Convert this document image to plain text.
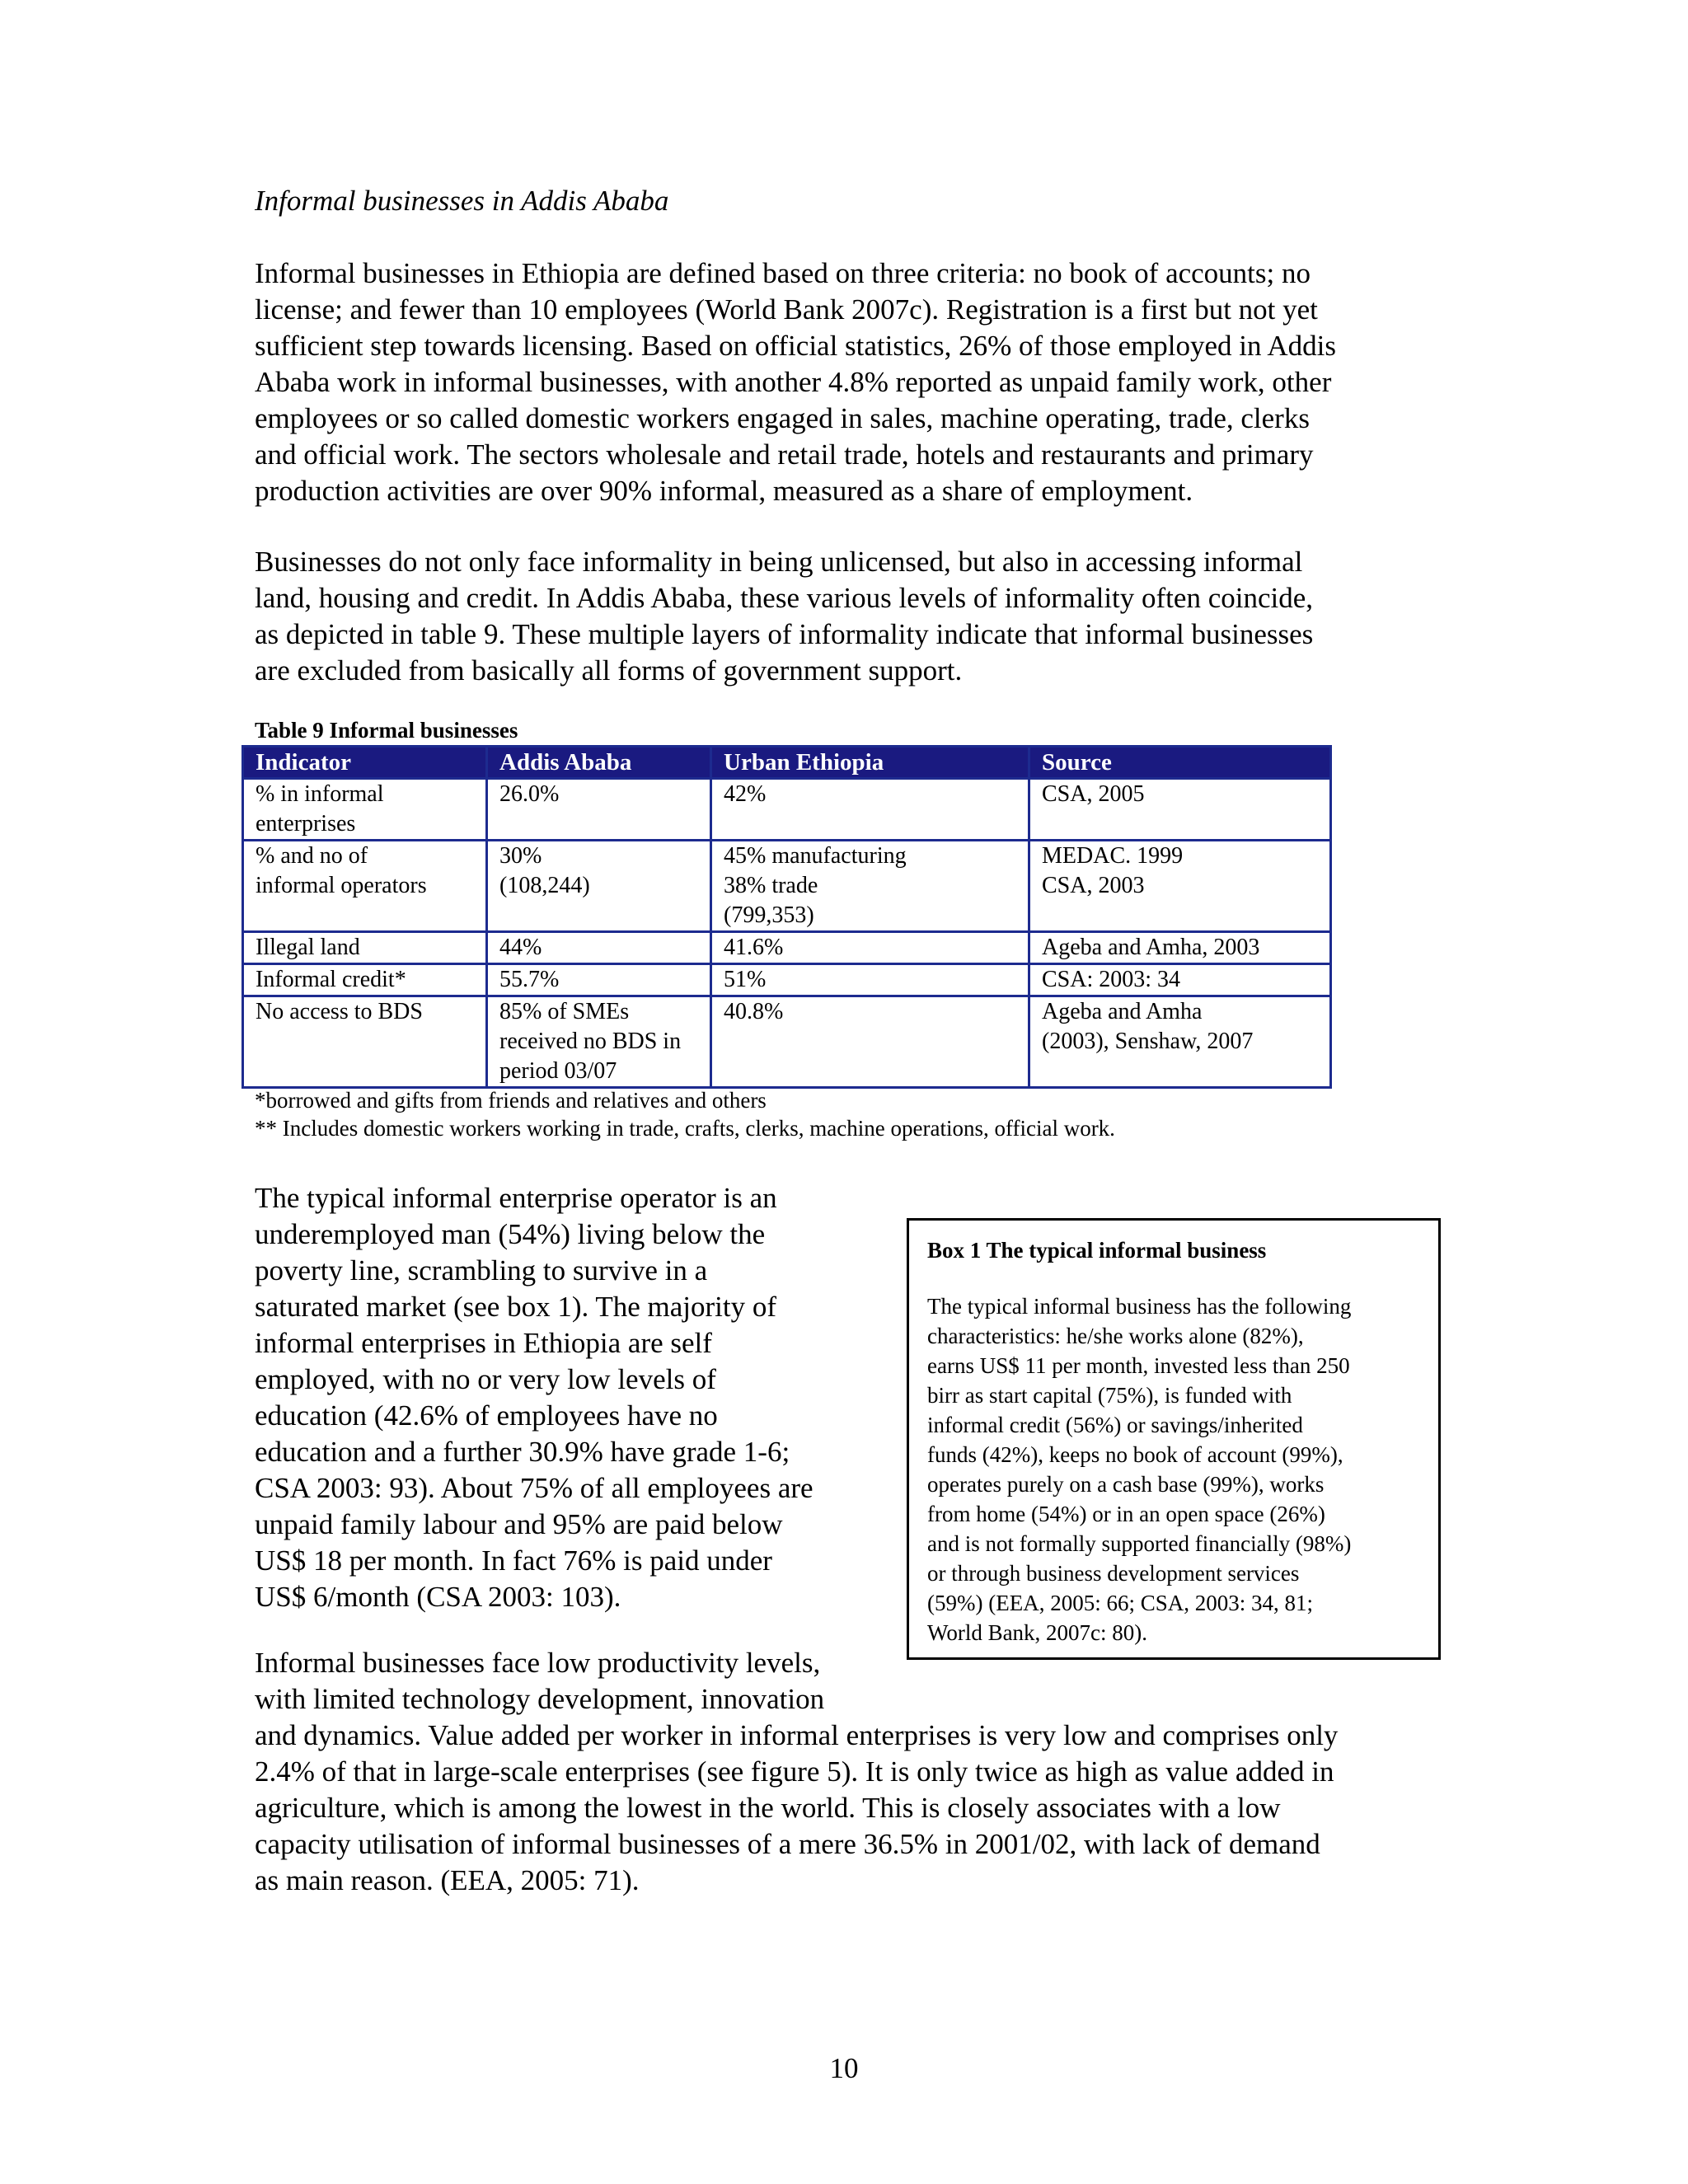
Informal businesses in Addis Ababa

Informal businesses in Ethiopia are defined based on three criteria: no book of accounts; no
license; and fewer than 10 employees (World Bank 2007c). Registration is a first but not yet
sufficient step towards licensing. Based on official statistics, 26% of those employed in Addis
Ababa work in informal businesses, with another 4.8% reported as unpaid family work, other
employees or so called domestic workers engaged in sales, machine operating, trade, clerks
and official work. The sectors wholesale and retail trade, hotels and restaurants and primary
production activities are over 90% informal, measured as a share of employment.

Businesses do not only face informality in being unlicensed, but also in accessing informal
land, housing and credit. In Addis Ababa, these various levels of informality often coincide,
as depicted in table 9. These multiple layers of informality indicate that informal businesses
are excluded from basically all forms of government support.

Table 9 Informal businesses

Indicator	Addis Ababa	Urban Ethiopia	Source

% in informal
enterprises	26.0%	42%	CSA, 2005

% and no of
informal operators	30%
(108,244)	45% manufacturing
38% trade
(799,353)	MEDAC. 1999
CSA, 2003

Illegal land	44%	41.6%	Ageba and Amha, 2003

Informal credit*	55.7%	51%	CSA: 2003: 34

No access to BDS	85% of SMEs
received no BDS in
period 03/07	40.8%	Ageba and Amha
(2003), Senshaw, 2007

*borrowed and gifts from friends and relatives and others

** Includes domestic workers working in trade, crafts, clerks, machine operations, official work.

The typical informal enterprise operator is an
underemployed man (54%) living below the
poverty line, scrambling to survive in a
saturated market (see box 1). The majority of
informal enterprises in Ethiopia are self
employed, with no or very low levels of
education (42.6% of employees have no
education and a further 30.9% have grade 1-6;
CSA 2003: 93). About 75% of all employees are
unpaid family labour and 95% are paid below
US$ 18 per month. In fact 76% is paid under
US$ 6/month (CSA 2003: 103).

Box 1 The typical informal business

The typical informal business has the following
characteristics: he/she works alone (82%),
earns US$ 11 per month, invested less than 250
birr as start capital (75%), is funded with
informal credit (56%) or savings/inherited
funds (42%), keeps no book of account (99%),
operates purely on a cash base (99%), works
from home (54%) or in an open space (26%)
and is not formally supported financially (98%)
or through business development services
(59%) (EEA, 2005: 66; CSA, 2003: 34, 81;
World Bank, 2007c: 80).

Informal businesses face low productivity levels,
with limited technology development, innovation
and dynamics. Value added per worker in informal enterprises is very low and comprises only
2.4% of that in large-scale enterprises (see figure 5). It is only twice as high as value added in
agriculture, which is among the lowest in the world. This is closely associates with a low
capacity utilisation of informal businesses of a mere 36.5% in 2001/02, with lack of demand
as main reason. (EEA, 2005: 71).

10
